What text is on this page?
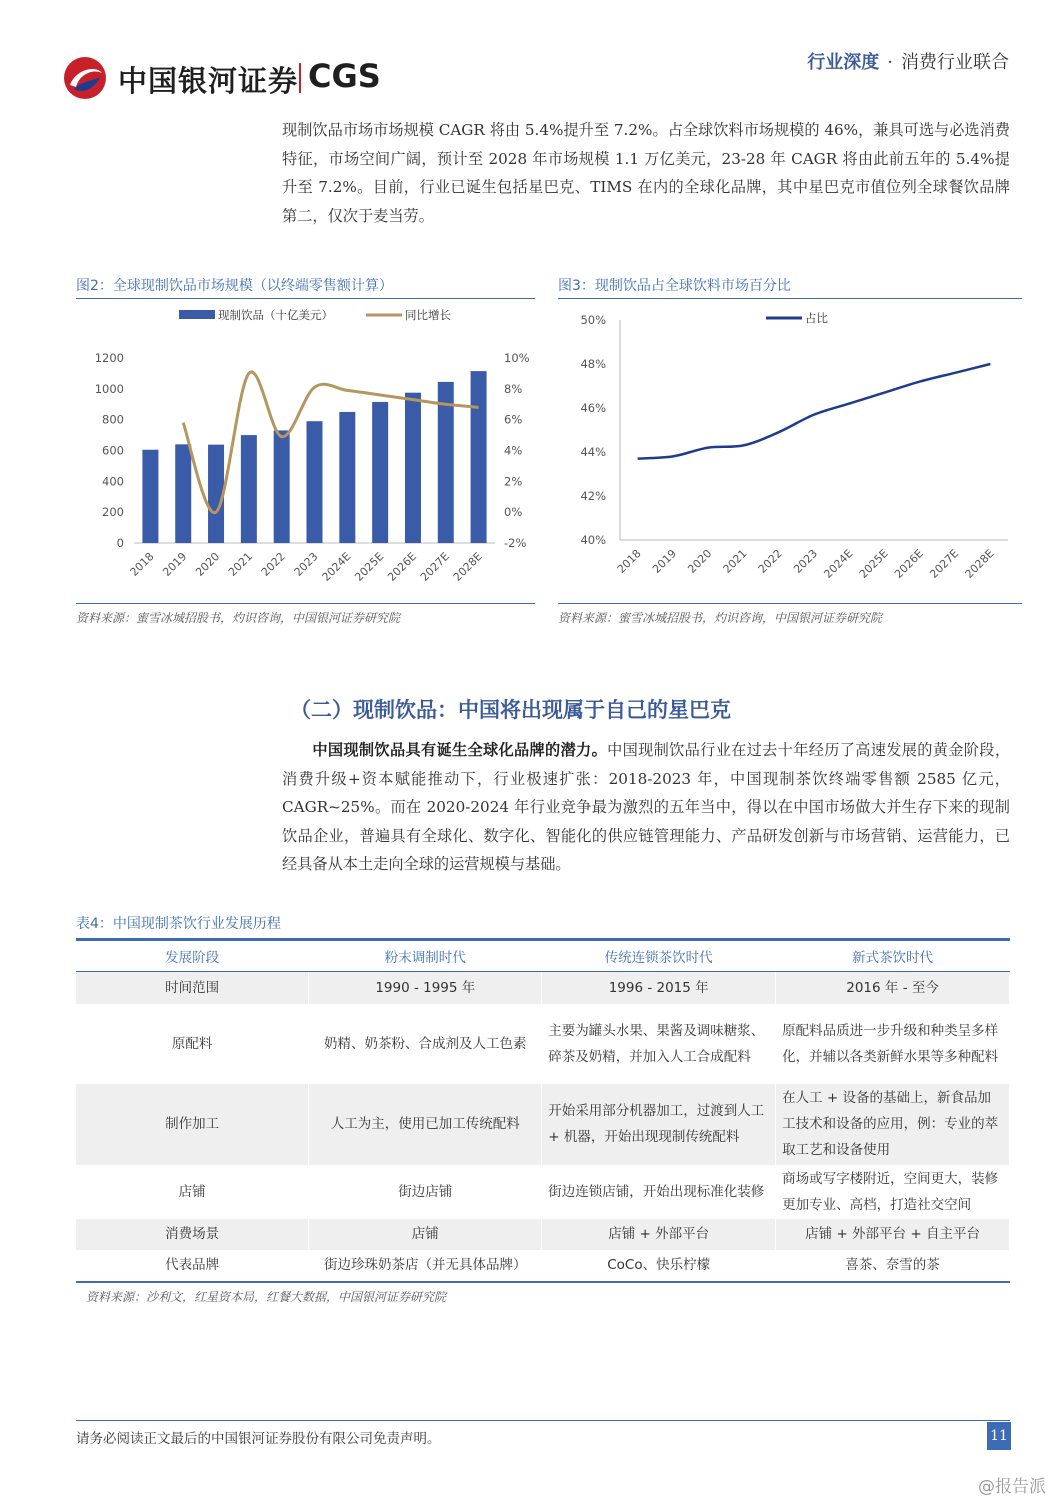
中国银河证券 CGS	行业深度 · 消费行业联合

现制饮品市场市场规模 CAGR 将由 5.4%提升至 7.2%。占全球饮料市场规模的 46%，兼具可选与必选消费特征，市场空间广阔，预计至 2028 年市场规模 1.1 万亿美元，23-28 年 CAGR 将由此前五年的 5.4%提升至 7.2%。目前，行业已诞生包括星巴克、TIMS 在内的全球化品牌，其中星巴克市值位列全球餐饮品牌第二，仅次于麦当劳。

图2：全球现制饮品市场规模（以终端零售额计算）
0
200
400
600
800
1000
1200
-2%
0%
2%
4%
6%
8%
10%
2018 2019 2020 2021 2022 2023
2024E
2025E
2026E
2027E
2028E
现制饮品（十亿美元）	同比增长
资料来源：蜜雪冰城招股书，灼识咨询，中国银河证券研究院
图3：现制饮品占全球饮料市场百分比
40%
42%
44%
46%
48%
50%
2018 2019 2020 2021 2022 2023 2024E 2025E 2026E 2027E 2028E
占比
资料来源：蜜雪冰城招股书，灼识咨询，中国银河证券研究院
（二）现制饮品：中国将出现属于自己的星巴克

中国现制饮品具有诞生全球化品牌的潜力。中国现制饮品行业在过去十年经历了高速发展的黄金阶段，消费升级+资本赋能推动下，行业极速扩张：2018-2023 年，中国现制茶饮终端零售额 2585 亿元，CAGR~25%。而在 2020-2024 年行业竞争最为激烈的五年当中，得以在中国市场做大并生存下来的现制饮品企业，普遍具有全球化、数字化、智能化的供应链管理能力、产品研发创新与市场营销、运营能力，已经具备从本土走向全球的运营规模与基础。

表4：中国现制茶饮行业发展历程
发展阶段	粉末调制时代	传统连锁茶饮时代	新式茶饮时代
时间范围	1990 - 1995 年	1996 - 2015 年	2016 年 - 至今
原配料	奶精、奶茶粉、合成剂及人工色素	主要为罐头水果、果酱及调味糖浆、碎茶及奶精，并加入人工合成配料	原配料品质进一步升级和种类呈多样化，并辅以各类新鲜水果等多种配料
制作加工	人工为主，使用已加工传统配料	开始采用部分机器加工，过渡到人工 + 机器，开始出现现制传统配料	在人工 + 设备的基础上，新食品加工技术和设备的应用，例：专业的萃取工艺和设备使用
店铺	街边店铺	街边连锁店铺，开始出现标准化装修	商场或写字楼附近，空间更大，装修更加专业、高档，打造社交空间
消费场景	店铺	店铺 + 外部平台	店铺 + 外部平台 + 自主平台
代表品牌	街边珍珠奶茶店（并无具体品牌）	CoCo、快乐柠檬	喜茶、奈雪的茶
资料来源：沙利文，红星资本局，红餐大数据，中国银河证券研究院
请务必阅读正文最后的中国银河证券股份有限公司免责声明。	11
@报告派
